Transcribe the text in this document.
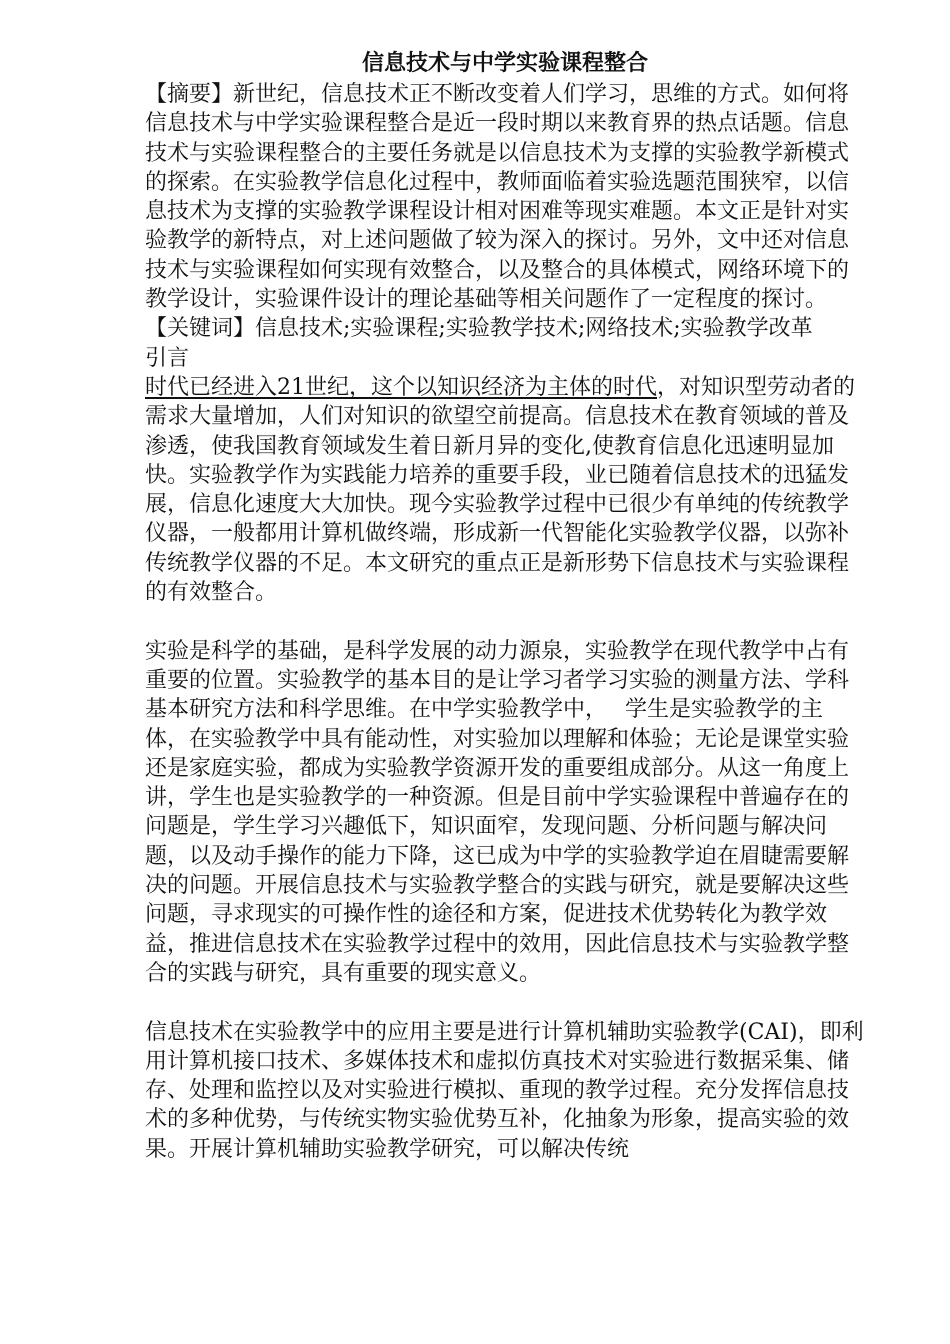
信息技术与中学实验课程整合

【摘要】新世纪，信息技术正不断改变着人们学习，思维的方式。如何将信息技术与中学实验课程整合是近一段时期以来教育界的热点话题。信息技术与实验课程整合的主要任务就是以信息技术为支撑的实验教学新模式的探索。在实验教学信息化过程中，教师面临着实验选题范围狭窄，以信息技术为支撑的实验教学课程设计相对困难等现实难题。本文正是针对实验教学的新特点，对上述问题做了较为深入的探讨。另外，文中还对信息技术与实验课程如何实现有效整合，以及整合的具体模式，网络环境下的教学设计，实验课件设计的理论基础等相关问题作了一定程度的探讨。

【关键词】信息技术;实验课程;实验教学技术;网络技术;实验教学改革

引言

时代已经进入21世纪，这个以知识经济为主体的时代，对知识型劳动者的需求大量增加，人们对知识的欲望空前提高。信息技术在教育领域的普及渗透，使我国教育领域发生着日新月异的变化,使教育信息化迅速明显加快。实验教学作为实践能力培养的重要手段，业已随着信息技术的迅猛发展，信息化速度大大加快。现今实验教学过程中已很少有单纯的传统教学仪器，一般都用计算机做终端，形成新一代智能化实验教学仪器，以弥补传统教学仪器的不足。本文研究的重点正是新形势下信息技术与实验课程的有效整合。

实验是科学的基础，是科学发展的动力源泉，实验教学在现代教学中占有重要的位置。实验教学的基本目的是让学习者学习实验的测量方法、学科基本研究方法和科学思维。在中学实验教学中，　 学生是实验教学的主体，在实验教学中具有能动性，对实验加以理解和体验；无论是课堂实验还是家庭实验，都成为实验教学资源开发的重要组成部分。从这一角度上讲，学生也是实验教学的一种资源。但是目前中学实验课程中普遍存在的问题是，学生学习兴趣低下，知识面窄，发现问题、分析问题与解决问题，以及动手操作的能力下降，这已成为中学的实验教学迫在眉睫需要解决的问题。开展信息技术与实验教学整合的实践与研究，就是要解决这些问题，寻求现实的可操作性的途径和方案，促进技术优势转化为教学效益，推进信息技术在实验教学过程中的效用，因此信息技术与实验教学整合的实践与研究，具有重要的现实意义。

信息技术在实验教学中的应用主要是进行计算机辅助实验教学(CAI)，即利用计算机接口技术、多媒体技术和虚拟仿真技术对实验进行数据采集、储存、处理和监控以及对实验进行模拟、重现的教学过程。充分发挥信息技术的多种优势，与传统实物实验优势互补，化抽象为形象，提高实验的效果。开展计算机辅助实验教学研究，可以解决传统
